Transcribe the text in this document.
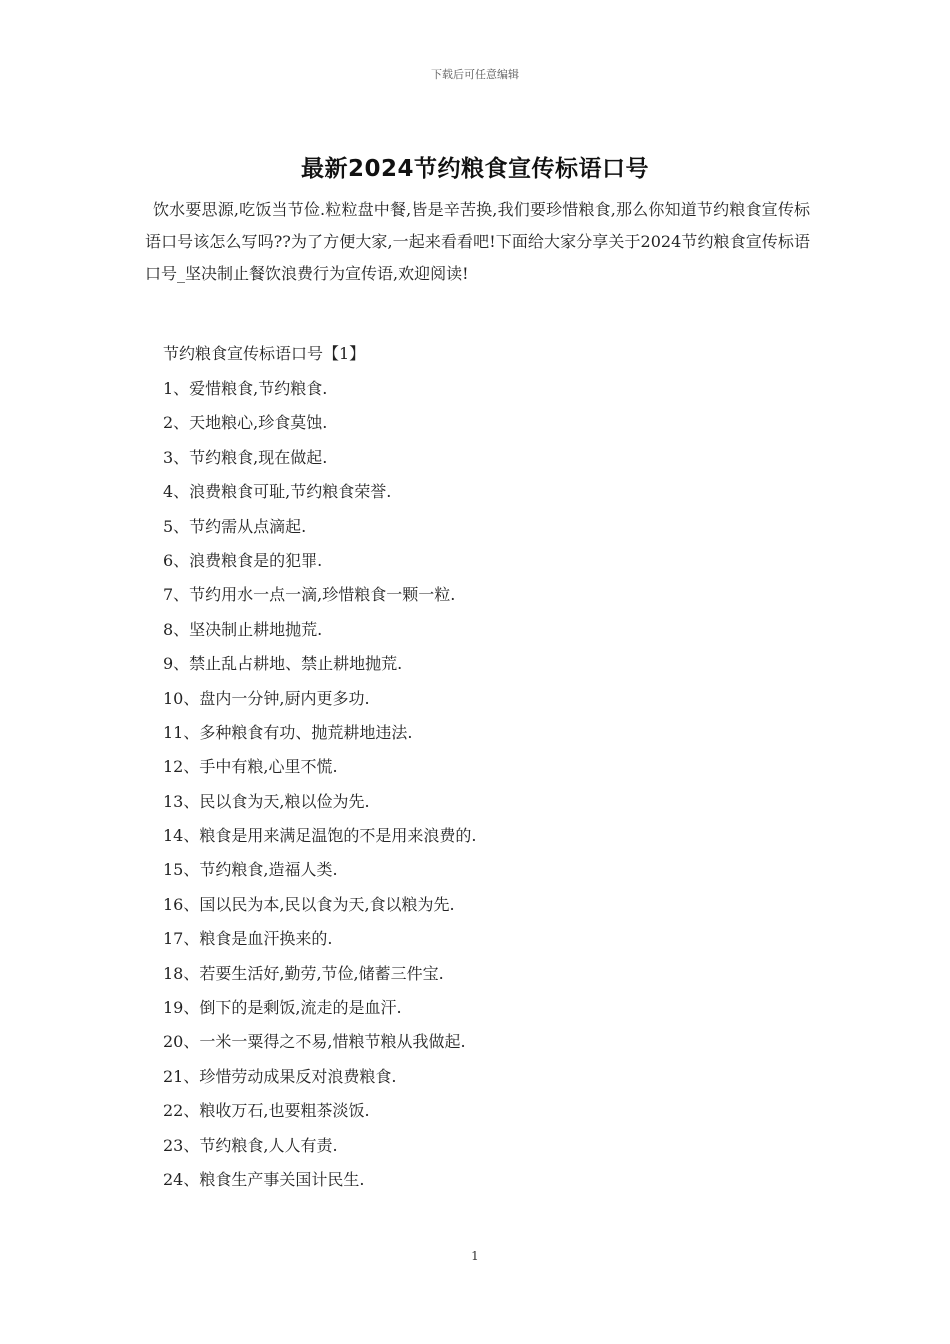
下载后可任意编辑

最新2024节约粮食宣传标语口号

饮水要思源,吃饭当节俭.粒粒盘中餐,皆是辛苦换,我们要珍惜粮食,那么你知道节约粮食宣传标语口号该怎么写吗??为了方便大家,一起来看看吧!下面给大家分享关于2024节约粮食宣传标语口号_坚决制止餐饮浪费行为宣传语,欢迎阅读!

节约粮食宣传标语口号【1】

1、爱惜粮食,节约粮食.
2、天地粮心,珍食莫蚀.
3、节约粮食,现在做起.
4、浪费粮食可耻,节约粮食荣誉.
5、节约需从点滴起.
6、浪费粮食是的犯罪.
7、节约用水一点一滴,珍惜粮食一颗一粒.
8、坚决制止耕地抛荒.
9、禁止乱占耕地、禁止耕地抛荒.
10、盘内一分钟,厨内更多功.
11、多种粮食有功、抛荒耕地违法.
12、手中有粮,心里不慌.
13、民以食为天,粮以俭为先.
14、粮食是用来满足温饱的不是用来浪费的.
15、节约粮食,造福人类.
16、国以民为本,民以食为天,食以粮为先.
17、粮食是血汗换来的.
18、若要生活好,勤劳,节俭,储蓄三件宝.
19、倒下的是剩饭,流走的是血汗.
20、一米一粟得之不易,惜粮节粮从我做起.
21、珍惜劳动成果反对浪费粮食.
22、粮收万石,也要粗茶淡饭.
23、节约粮食,人人有责.
24、粮食生产事关国计民生.

1
